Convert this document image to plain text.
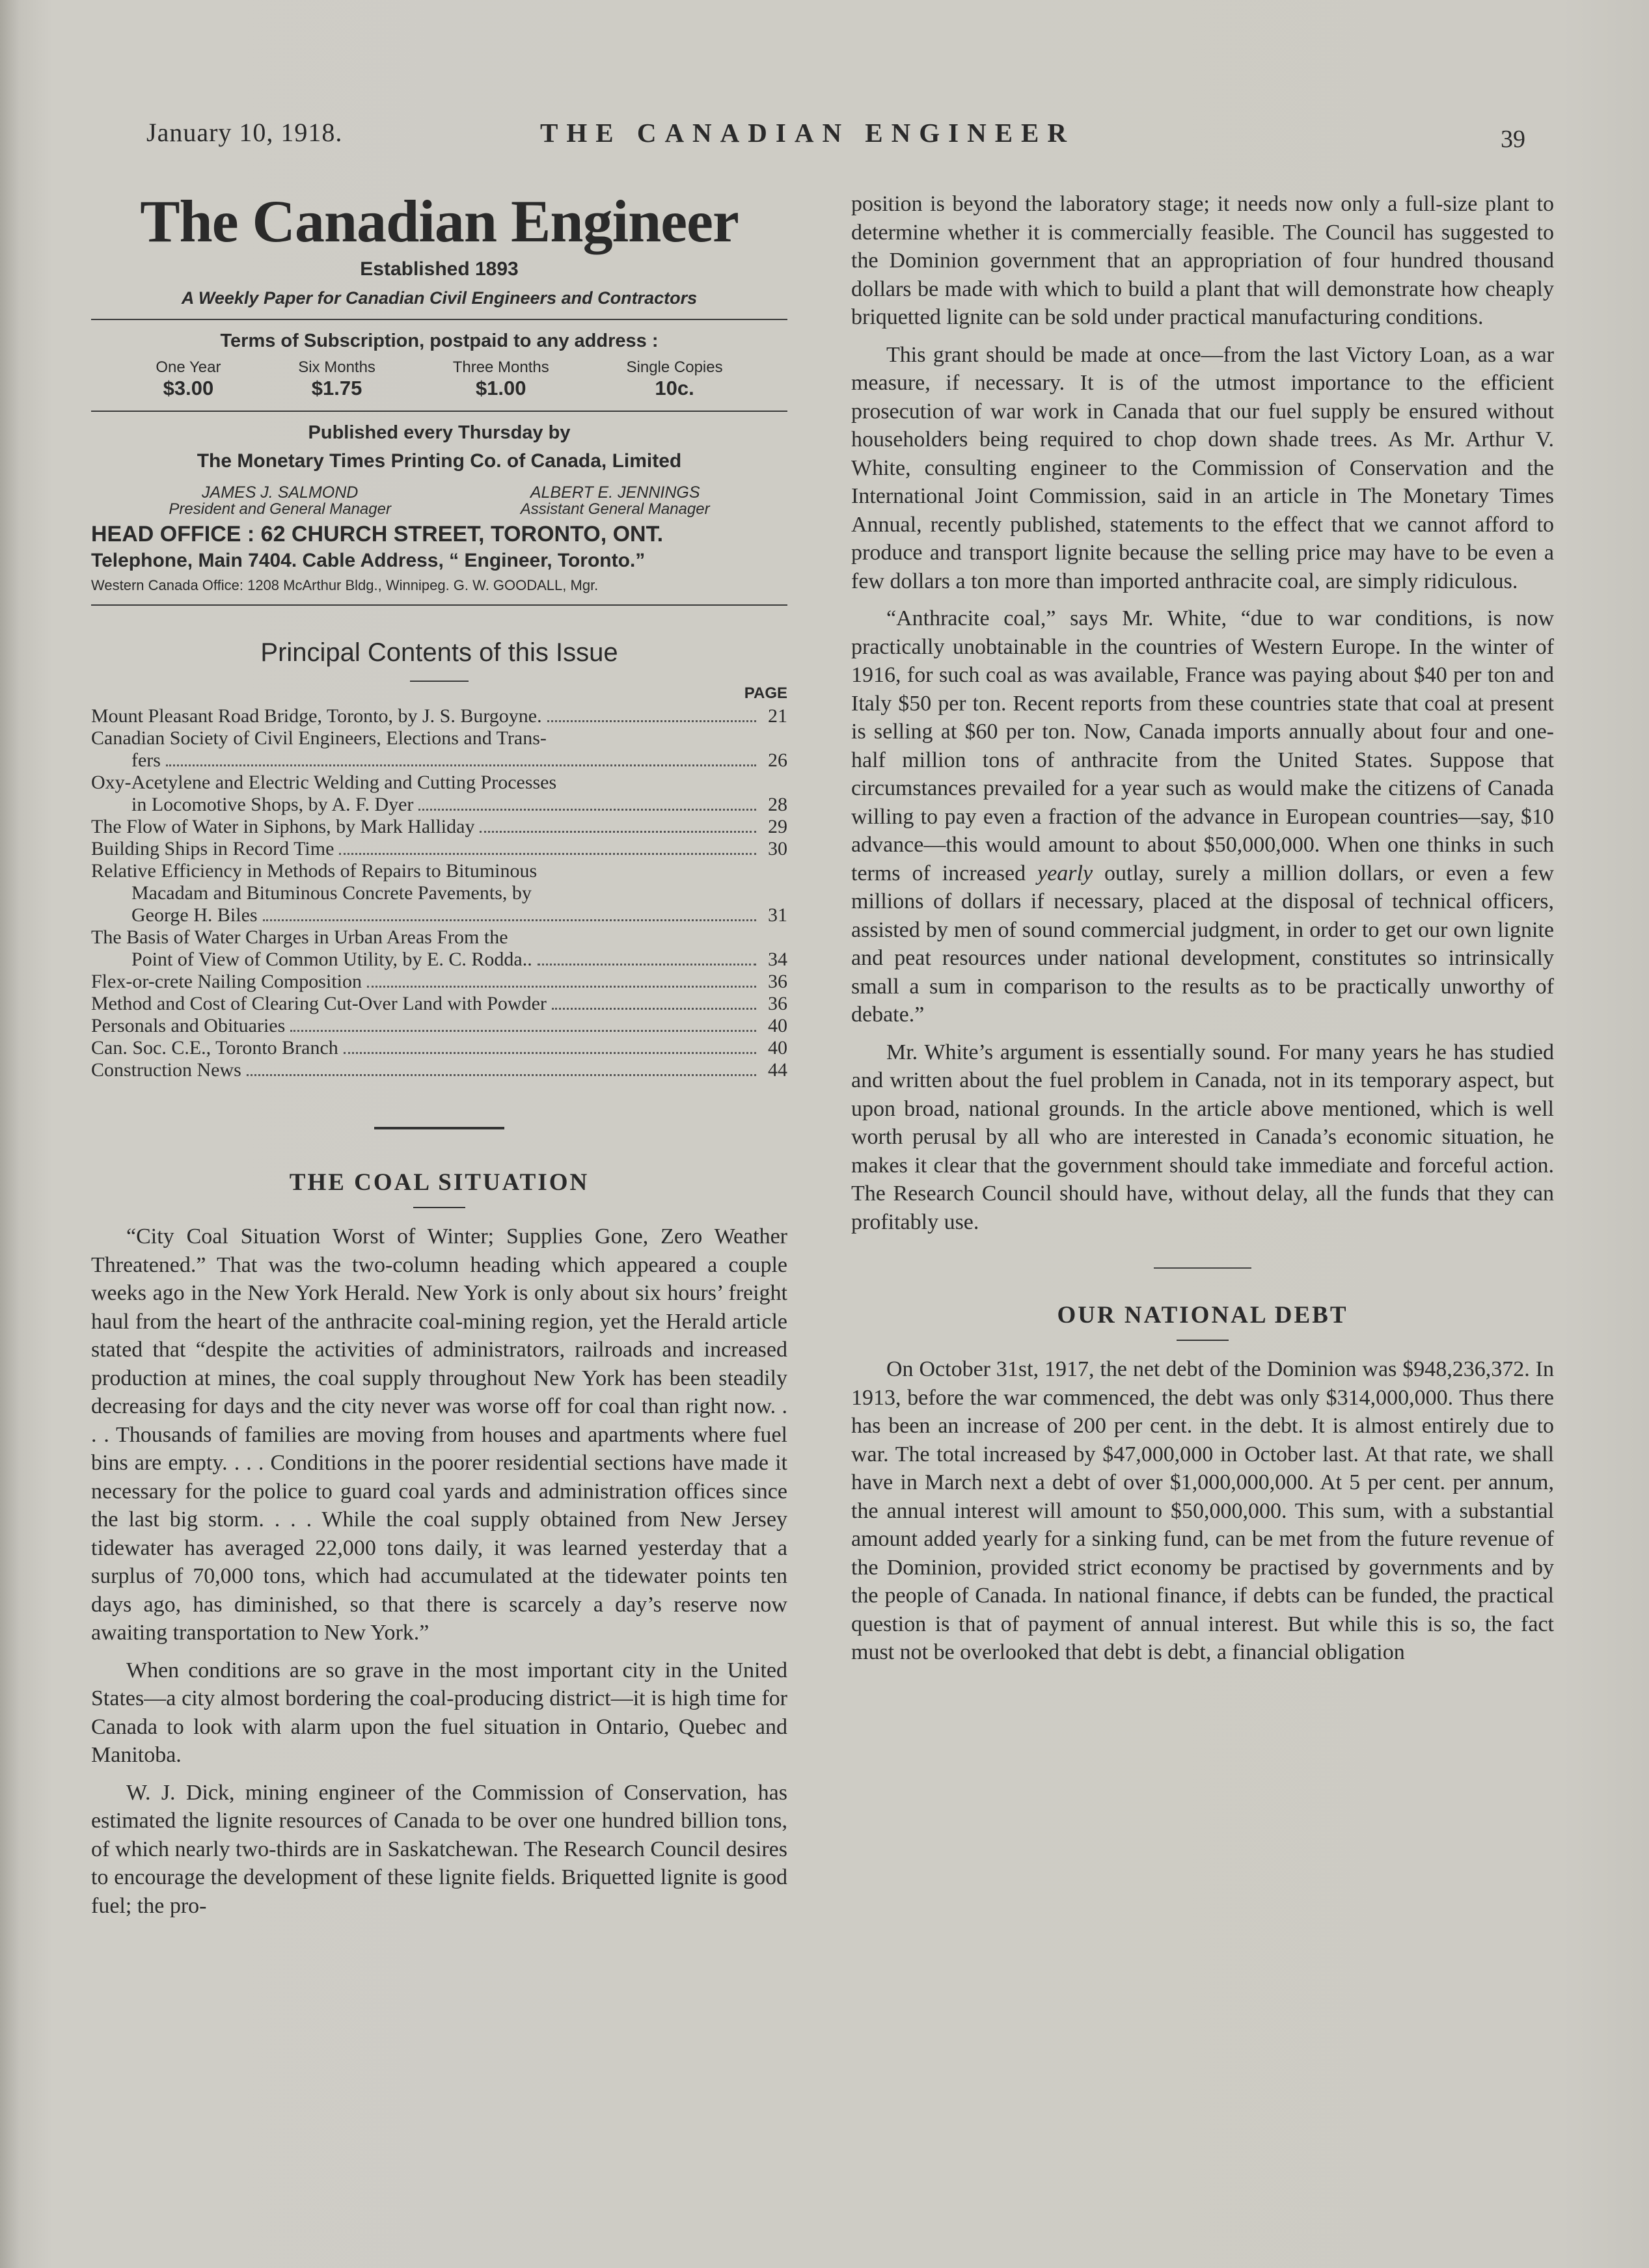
January 10, 1918.	THE CANADIAN ENGINEER	39
The Canadian Engineer
Established 1893
A Weekly Paper for Canadian Civil Engineers and Contractors
Terms of Subscription, postpaid to any address :
One Year
$3.00
Six Months
$1.75
Three Months
$1.00
Single Copies
10c.
Published every Thursday by
The Monetary Times Printing Co. of Canada, Limited
JAMES J. SALMOND
President and General Manager
ALBERT E. JENNINGS
Assistant General Manager
HEAD OFFICE : 62 CHURCH STREET, TORONTO, ONT.
Telephone, Main 7404. Cable Address, “ Engineer, Toronto.”
Western Canada Office: 1208 McArthur Bldg., Winnipeg. G. W. GOODALL, Mgr.
Principal Contents of this Issue
PAGE
Mount Pleasant Road Bridge, Toronto, by J. S. Burgoyne.	21
Canadian Society of Civil Engineers, Elections and Trans-
fers	26
Oxy-Acetylene and Electric Welding and Cutting Processes
in Locomotive Shops, by A. F. Dyer	28
The Flow of Water in Siphons, by Mark Halliday	29
Building Ships in Record Time	30
Relative Efficiency in Methods of Repairs to Bituminous
Macadam and Bituminous Concrete Pavements, by
George H. Biles	31
The Basis of Water Charges in Urban Areas From the
Point of View of Common Utility, by E. C. Rodda..	34
Flex-or-crete Nailing Composition	36
Method and Cost of Clearing Cut-Over Land with Powder	36
Personals and Obituaries	40
Can. Soc. C.E., Toronto Branch	40
Construction News	44
THE COAL SITUATION

“City Coal Situation Worst of Winter; Supplies Gone, Zero Weather Threatened.” That was the two-column heading which appeared a couple weeks ago in the New York Herald. New York is only about six hours’ freight haul from the heart of the anthracite coal-mining region, yet the Herald article stated that “despite the activities of administrators, railroads and increased production at mines, the coal supply throughout New York has been steadily decreasing for days and the city never was worse off for coal than right now. . . . Thousands of families are moving from houses and apartments where fuel bins are empty. . . . Conditions in the poorer residential sections have made it necessary for the police to guard coal yards and administration offices since the last big storm. . . . While the coal supply obtained from New Jersey tidewater has averaged 22,000 tons daily, it was learned yesterday that a surplus of 70,000 tons, which had accumulated at the tidewater points ten days ago, has diminished, so that there is scarcely a day’s reserve now awaiting transportation to New York.”

When conditions are so grave in the most important city in the United States—a city almost bordering the coal-producing district—it is high time for Canada to look with alarm upon the fuel situation in Ontario, Quebec and Manitoba.

W. J. Dick, mining engineer of the Commission of Conservation, has estimated the lignite resources of Canada to be over one hundred billion tons, of which nearly two-thirds are in Saskatchewan. The Research Council desires to encourage the development of these lignite fields. Briquetted lignite is good fuel; the pro-

position is beyond the laboratory stage; it needs now only a full-size plant to determine whether it is commercially feasible. The Council has suggested to the Dominion government that an appropriation of four hundred thousand dollars be made with which to build a plant that will demonstrate how cheaply briquetted lignite can be sold under practical manufacturing conditions.

This grant should be made at once—from the last Victory Loan, as a war measure, if necessary. It is of the utmost importance to the efficient prosecution of war work in Canada that our fuel supply be ensured without householders being required to chop down shade trees. As Mr. Arthur V. White, consulting engineer to the Commission of Conservation and the International Joint Commission, said in an article in The Monetary Times Annual, recently published, statements to the effect that we cannot afford to produce and transport lignite because the selling price may have to be even a few dollars a ton more than imported anthracite coal, are simply ridiculous.

“Anthracite coal,” says Mr. White, “due to war conditions, is now practically unobtainable in the countries of Western Europe. In the winter of 1916, for such coal as was available, France was paying about $40 per ton and Italy $50 per ton. Recent reports from these countries state that coal at present is selling at $60 per ton. Now, Canada imports annually about four and one-half million tons of anthracite from the United States. Suppose that circumstances prevailed for a year such as would make the citizens of Canada willing to pay even a fraction of the advance in European countries—say, $10 advance—this would amount to about $50,000,000. When one thinks in such terms of increased yearly outlay, surely a million dollars, or even a few millions of dollars if necessary, placed at the disposal of technical officers, assisted by men of sound commercial judgment, in order to get our own lignite and peat resources under national development, constitutes so intrinsically small a sum in comparison to the results as to be practically unworthy of debate.”

Mr. White’s argument is essentially sound. For many years he has studied and written about the fuel problem in Canada, not in its temporary aspect, but upon broad, national grounds. In the article above mentioned, which is well worth perusal by all who are interested in Canada’s economic situation, he makes it clear that the government should take immediate and forceful action. The Research Council should have, without delay, all the funds that they can profitably use.

OUR NATIONAL DEBT

On October 31st, 1917, the net debt of the Dominion was $948,236,372. In 1913, before the war commenced, the debt was only $314,000,000. Thus there has been an increase of 200 per cent. in the debt. It is almost entirely due to war. The total increased by $47,000,000 in October last. At that rate, we shall have in March next a debt of over $1,000,000,000. At 5 per cent. per annum, the annual interest will amount to $50,000,000. This sum, with a substantial amount added yearly for a sinking fund, can be met from the future revenue of the Dominion, provided strict economy be practised by governments and by the people of Canada. In national finance, if debts can be funded, the practical question is that of payment of annual interest. But while this is so, the fact must not be overlooked that debt is debt, a financial obligation
